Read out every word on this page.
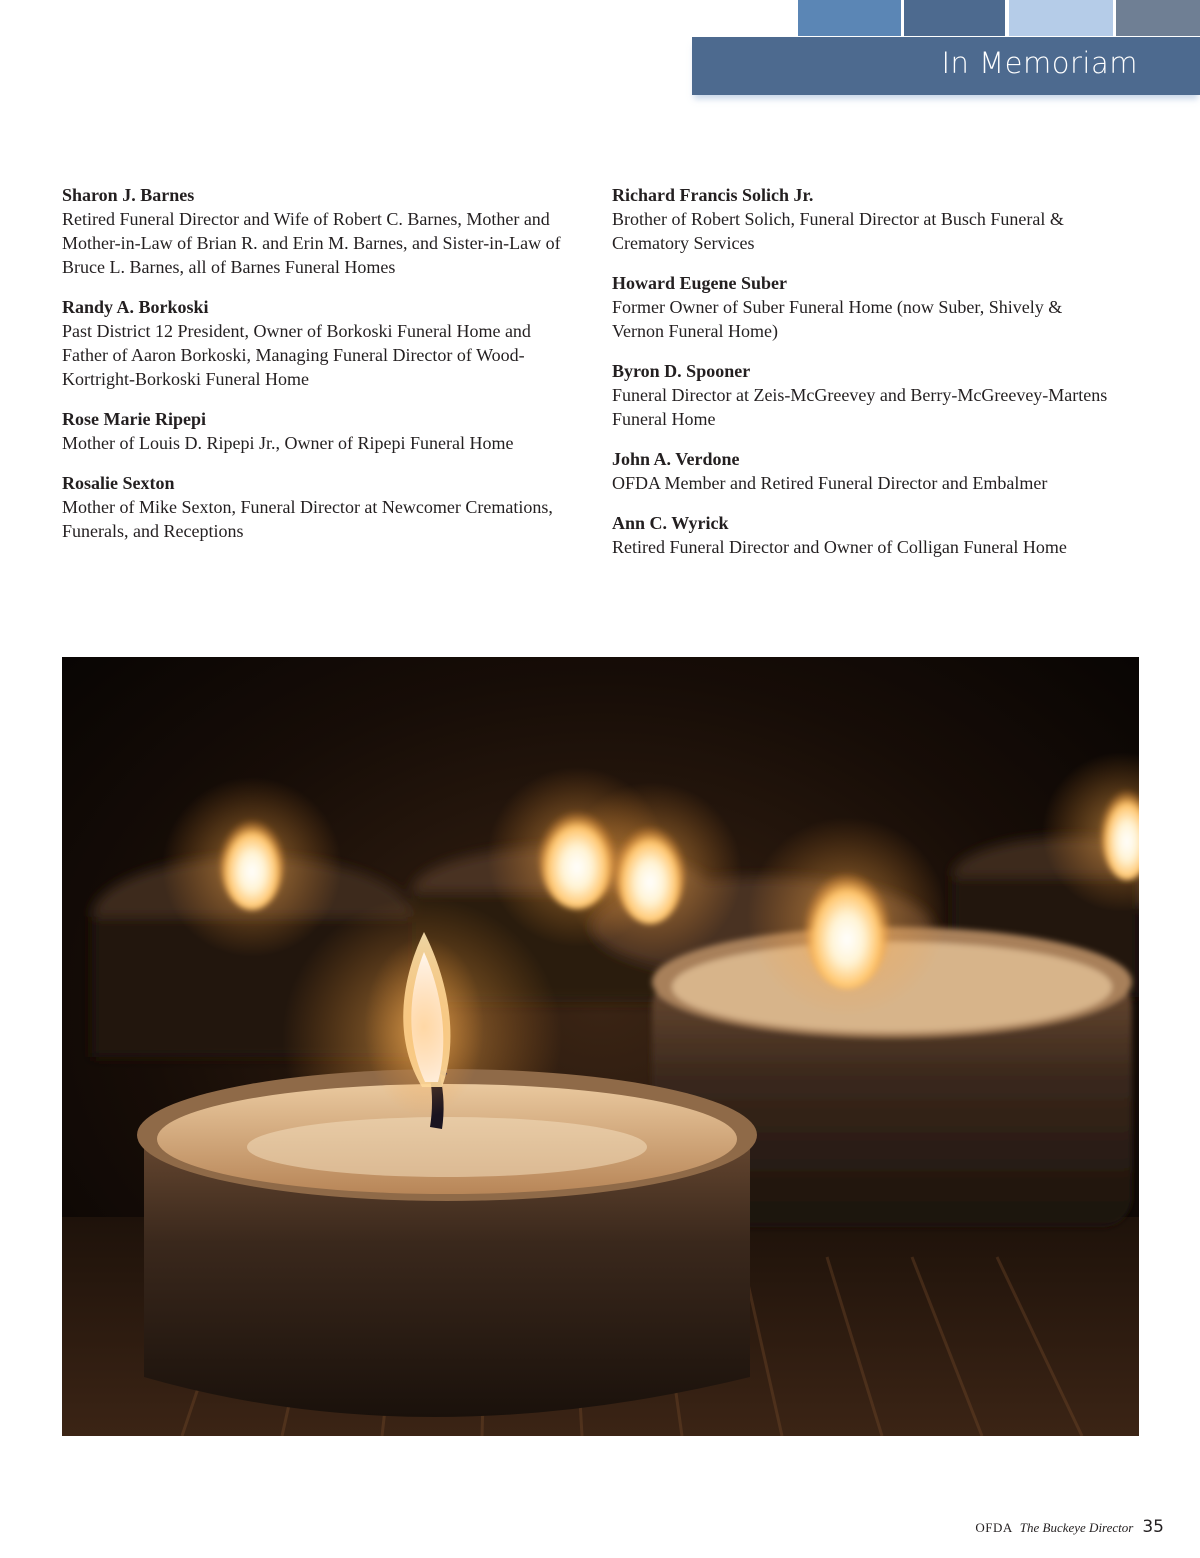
In Memoriam
Sharon J. Barnes
Retired Funeral Director and Wife of Robert C. Barnes, Mother and Mother-in-Law of Brian R. and Erin M. Barnes, and Sister-in-Law of Bruce L. Barnes, all of Barnes Funeral Homes
Randy A. Borkoski
Past District 12 President, Owner of Borkoski Funeral Home and Father of Aaron Borkoski, Managing Funeral Director of Wood-Kortright-Borkoski Funeral Home
Rose Marie Ripepi
Mother of Louis D. Ripepi Jr., Owner of Ripepi Funeral Home
Rosalie Sexton
Mother of Mike Sexton, Funeral Director at Newcomer Cremations, Funerals, and Receptions
Richard Francis Solich Jr.
Brother of Robert Solich, Funeral Director at Busch Funeral & Crematory Services
Howard Eugene Suber
Former Owner of Suber Funeral Home (now Suber, Shively & Vernon Funeral Home)
Byron D. Spooner
Funeral Director at Zeis-McGreevey and Berry-McGreevey-Martens Funeral Home
John A. Verdone
OFDA Member and Retired Funeral Director and Embalmer
Ann C. Wyrick
Retired Funeral Director and Owner of Colligan Funeral Home
OFDA The Buckeye Director 35
